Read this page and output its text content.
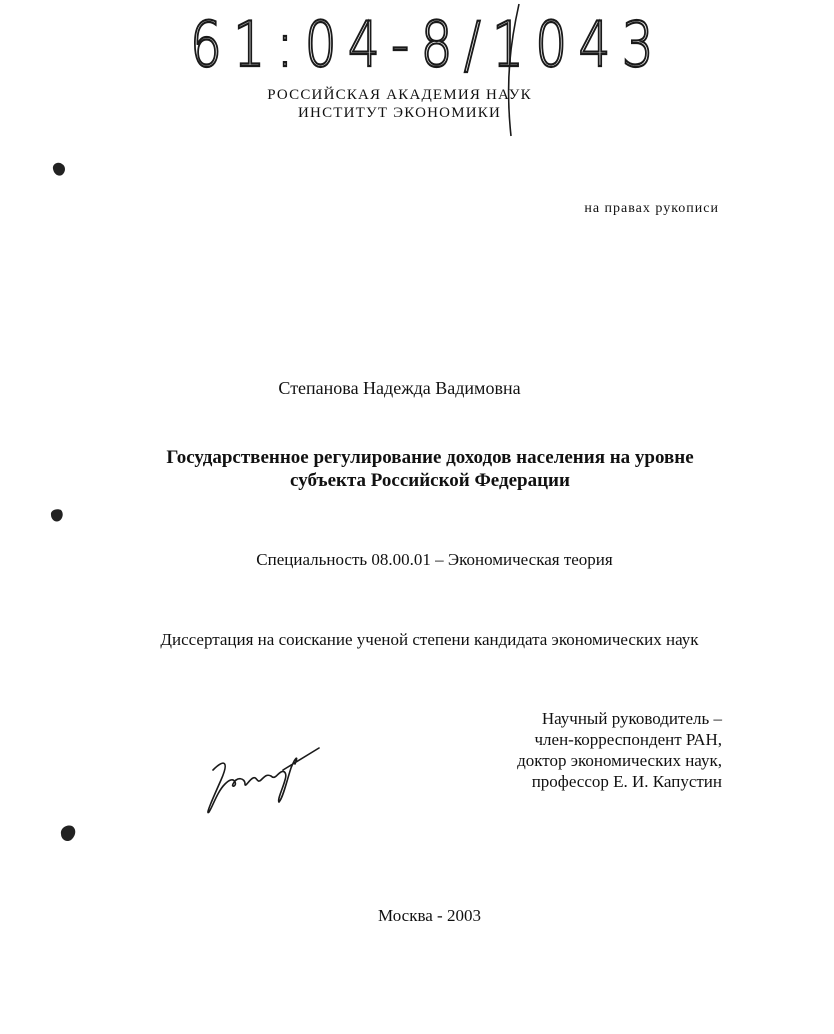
61:04-8/1043
РОССИЙСКАЯ АКАДЕМИЯ НАУК
ИНСТИТУТ ЭКОНОМИКИ
на правах рукописи
Степанова Надежда Вадимовна
Государственное регулирование доходов населения на уровне
субъекта Российской Федерации
Специальность 08.00.01 – Экономическая теория
Диссертация на соискание ученой степени кандидата экономических наук
Научный руководитель –
член-корреспондент РАН,
доктор экономических наук,
профессор Е. И. Капустин
Москва - 2003
